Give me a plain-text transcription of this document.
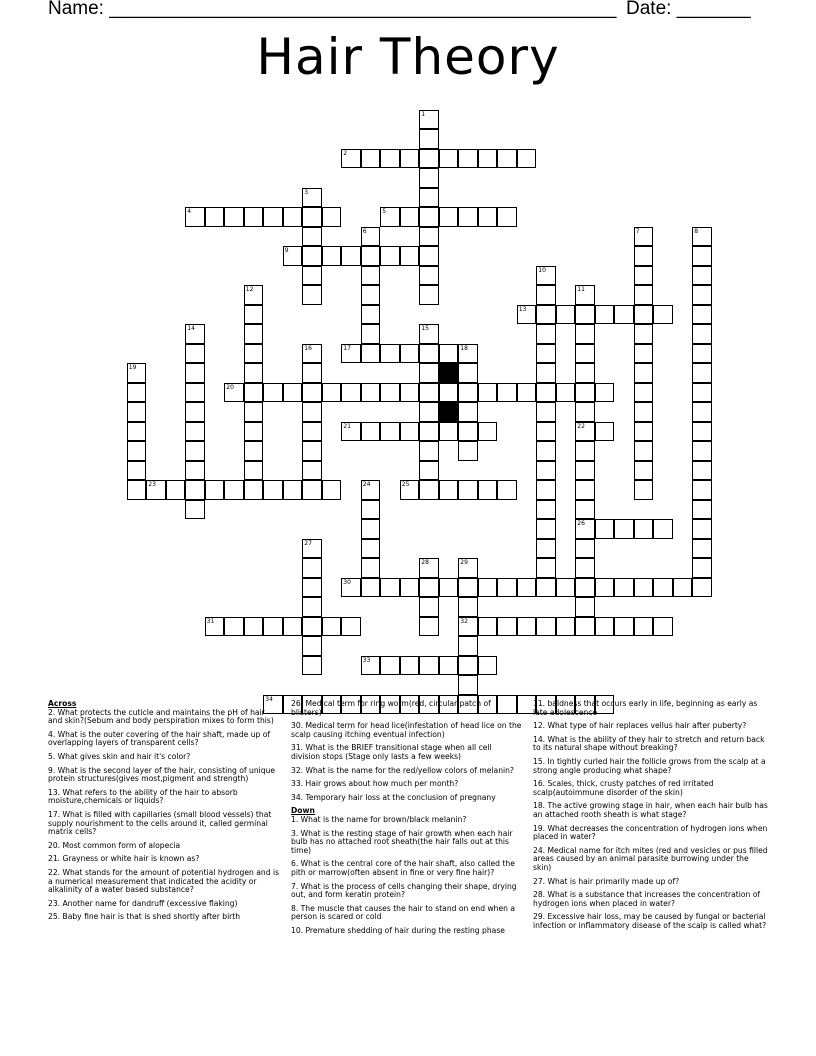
Name: ________________________________________________ Date: _______
Hair Theory
2
4	5
9
13
17	18
20
21	22
23	25
26
30
31	32
33
34
1
3
6	7	8
10
11
12
14	15
16
19
24
27
28	29
Across
2. What protects the cuticle and maintains the pH of hair and skin?(Sebum and body perspiration mixes to form this)
4. What is the outer covering of the hair shaft, made up of overlapping layers of transparent cells?
5. What gives skin and hair it's color?
9. What is the second layer of the hair, consisting of unique protein structures(gives most,pigment and strength)
13. What refers to the ability of the hair to absorb moisture,chemicals or liquids?
17. What is filled with capillaries (small blood vessels) that supply nourishment to the cells around it, called germinal matrix cells?
20. Most common form of alopecia
21. Grayness or white hair is known as?
22. What stands for the amount of potential hydrogen and is a numerical measurement that indicated the acidity or alkalinity of a water based substance?
23. Another name for dandruff (excessive flaking)
25. Baby fine hair is that is shed shortly after birth
26. Medical term for ring worm(red, circular patch of blisters)
30. Medical term for head lice(infestation of head lice on the scalp causing itching eventual infection)
31. What is the BRIEF transitional stage when all cell division stops (Stage only lasts a few weeks)
32. What is the name for the red/yellow colors of melanin?
33. Hair grows about how much per month?
34. Temporary hair loss at the conclusion of pregnany
Down
1. What is the name for brown/black melanin?
3. What is the resting stage of hair growth when each hair bulb has no attached root sheath(the hair falls out at this time)
6. What is the central core of the hair shaft, also called the pith or marrow(often absent in fine or very fine hair)?
7. What is the process of cells changing their shape, drying out, and form keratin protein?
8. The muscle that causes the hair to stand on end when a person is scared or cold
10. Premature shedding of hair during the resting phase
11. baldness that occurs early in life, beginning as early as late adolescence
12. What type of hair replaces vellus hair after puberty?
14. What is the ability of they hair to stretch and return back to its natural shape without breaking?
15. In tightly curled hair the follicle grows from the scalp at a strong angle producing what shape?
16. Scales, thick, crusty patches of red irritated scalp(autoimmune disorder of the skin)
18. The active growing stage in hair, when each hair bulb has an attached rooth sheath is what stage?
19. What decreases the concentration of hydrogen ions when placed in water?
24. Medical name for itch mites (red and vesicles or pus filled areas caused by an animal parasite burrowing under the skin)
27. What is hair primarily made up of?
28. What is a substance that increases the concentration of hydrogen ions when placed in water?
29. Excessive hair loss, may be caused by fungal or bacterial infection or inflammatory disease of the scalp is called what?
